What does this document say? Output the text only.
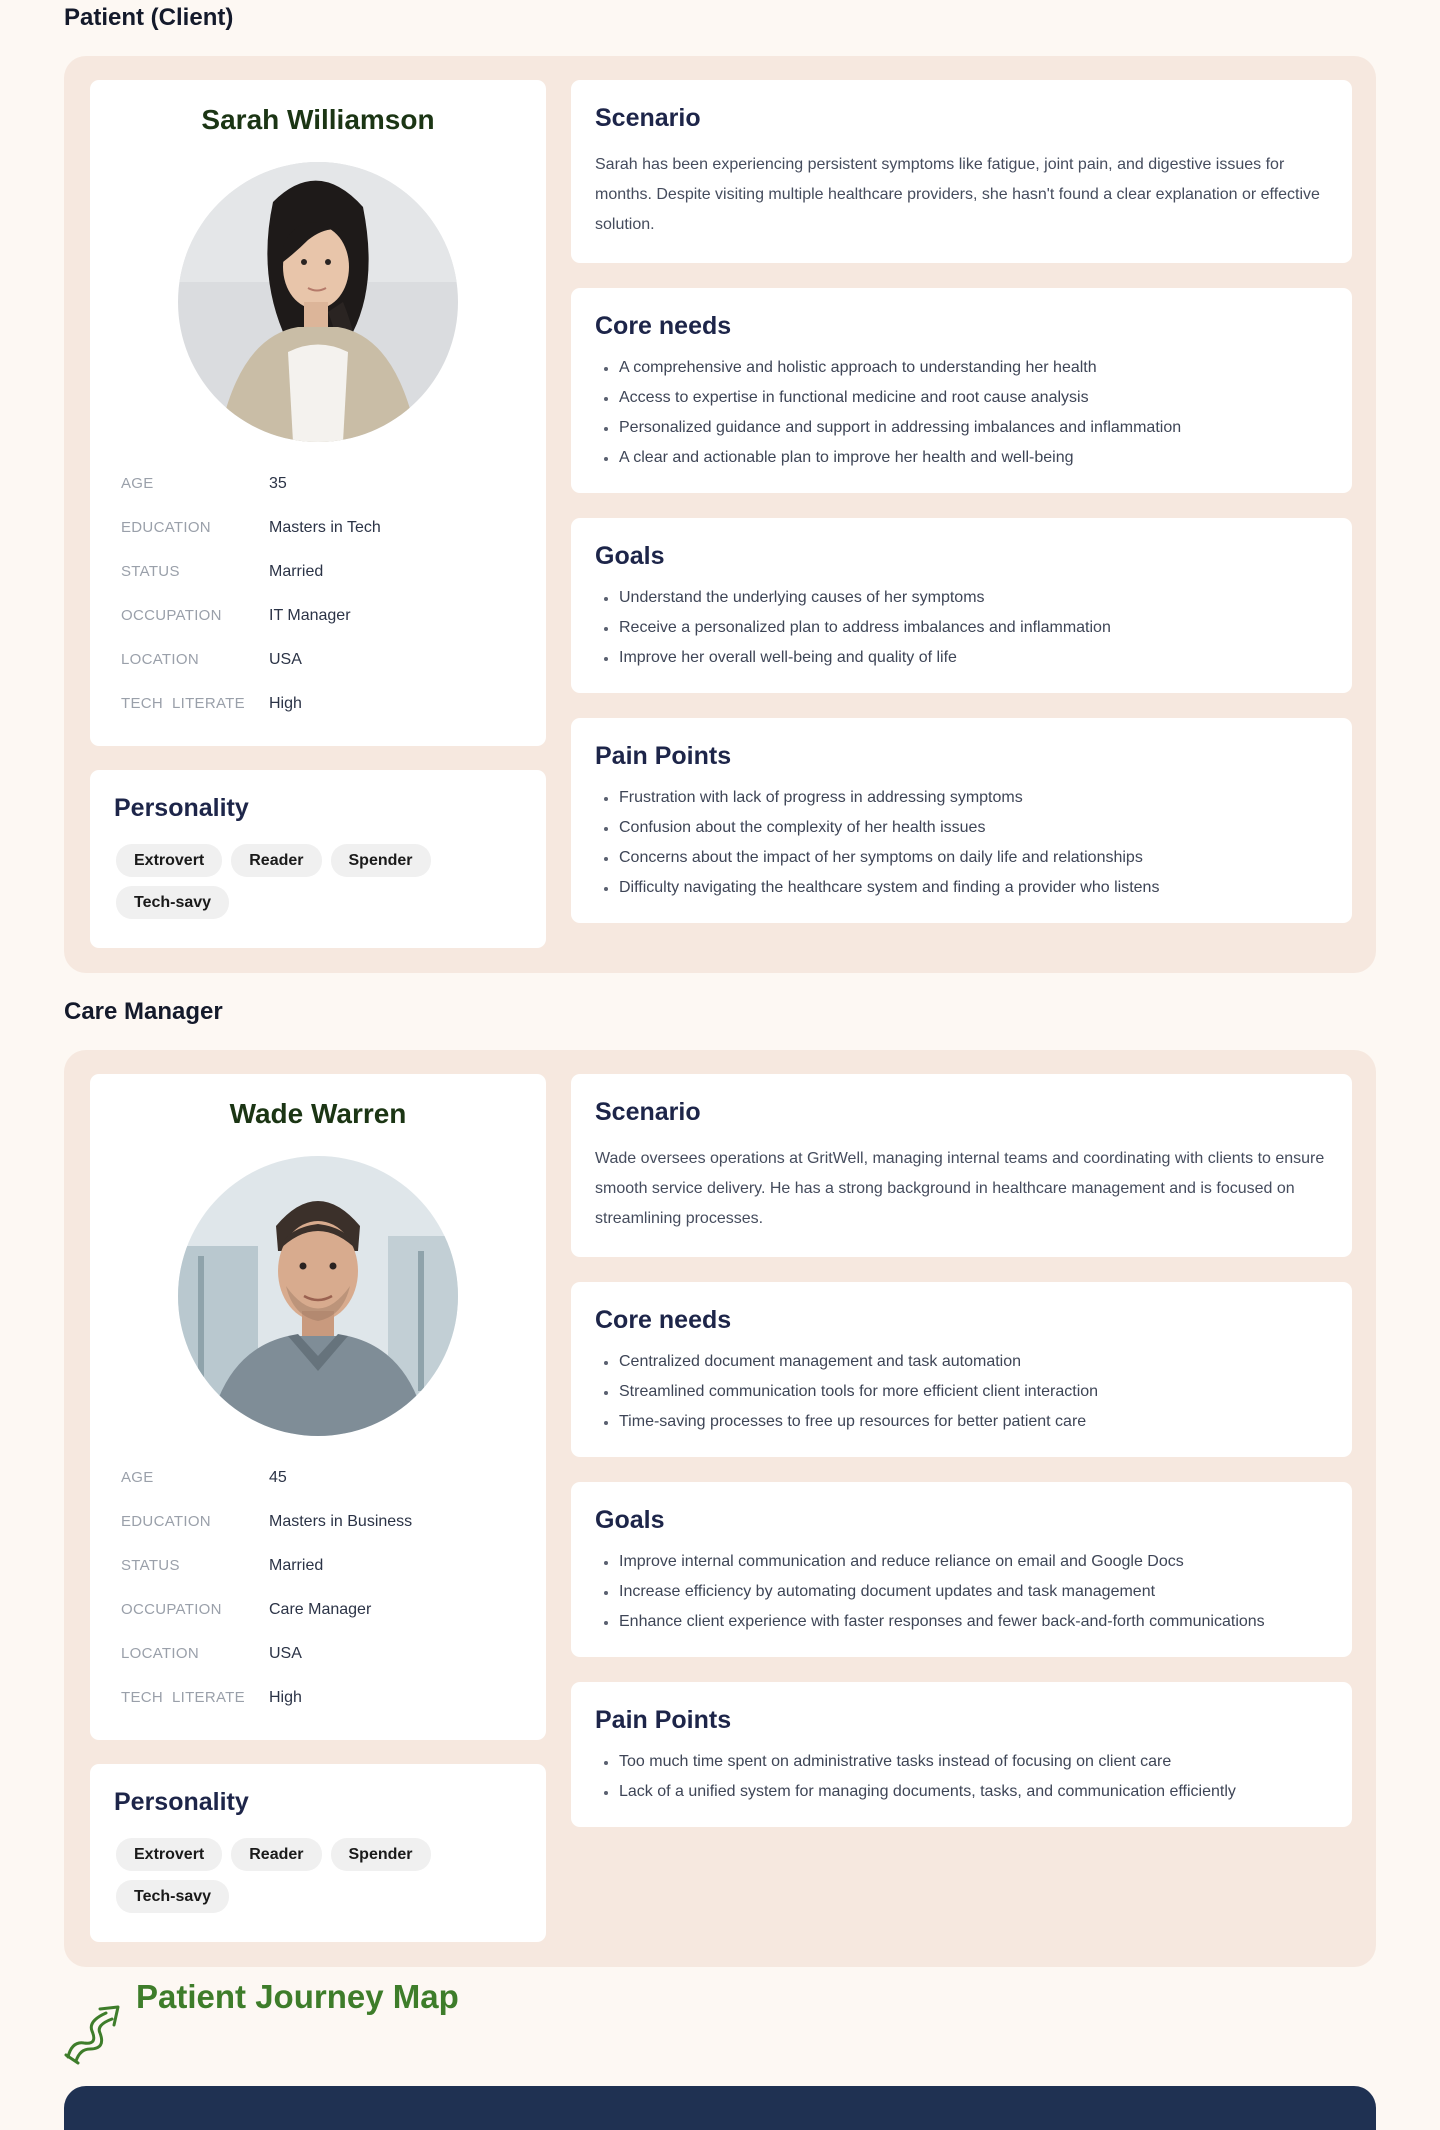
Patient (Client)
Sarah Williamson
AGE	35
EDUCATION	Masters in Tech
STATUS	Married
OCCUPATION	IT Manager
LOCATION	USA
TECH  LITERATE	High
Personality
Extrovert	Reader	Spender
Tech-savy
Scenario
Sarah has been experiencing persistent symptoms like fatigue, joint pain, and digestive issues for months. Despite visiting multiple healthcare providers, she hasn't found a clear explanation or effective solution.
Core needs
A comprehensive and holistic approach to understanding her health
Access to expertise in functional medicine and root cause analysis
Personalized guidance and support in addressing imbalances and inflammation
A clear and actionable plan to improve her health and well-being
Goals
Understand the underlying causes of her symptoms
Receive a personalized plan to address imbalances and inflammation
Improve her overall well-being and quality of life
Pain Points
Frustration with lack of progress in addressing symptoms
Confusion about the complexity of her health issues
Concerns about the impact of her symptoms on daily life and relationships
Difficulty navigating the healthcare system and finding a provider who listens
Care Manager
Wade Warren
AGE	45
EDUCATION	Masters in Business
STATUS	Married
OCCUPATION	Care Manager
LOCATION	USA
TECH  LITERATE	High
Personality
Extrovert	Reader	Spender
Tech-savy
Scenario
Wade oversees operations at GritWell, managing internal teams and coordinating with clients to ensure smooth service delivery. He has a strong background in healthcare management and is focused on streamlining processes.
Core needs
Centralized document management and task automation
Streamlined communication tools for more efficient client interaction
Time-saving processes to free up resources for better patient care
Goals
Improve internal communication and reduce reliance on email and Google Docs
Increase efficiency by automating document updates and task management
Enhance client experience with faster responses and fewer back-and-forth communications
Pain Points
Too much time spent on administrative tasks instead of focusing on client care
Lack of a unified system for managing documents, tasks, and communication efficiently
Patient Journey Map
